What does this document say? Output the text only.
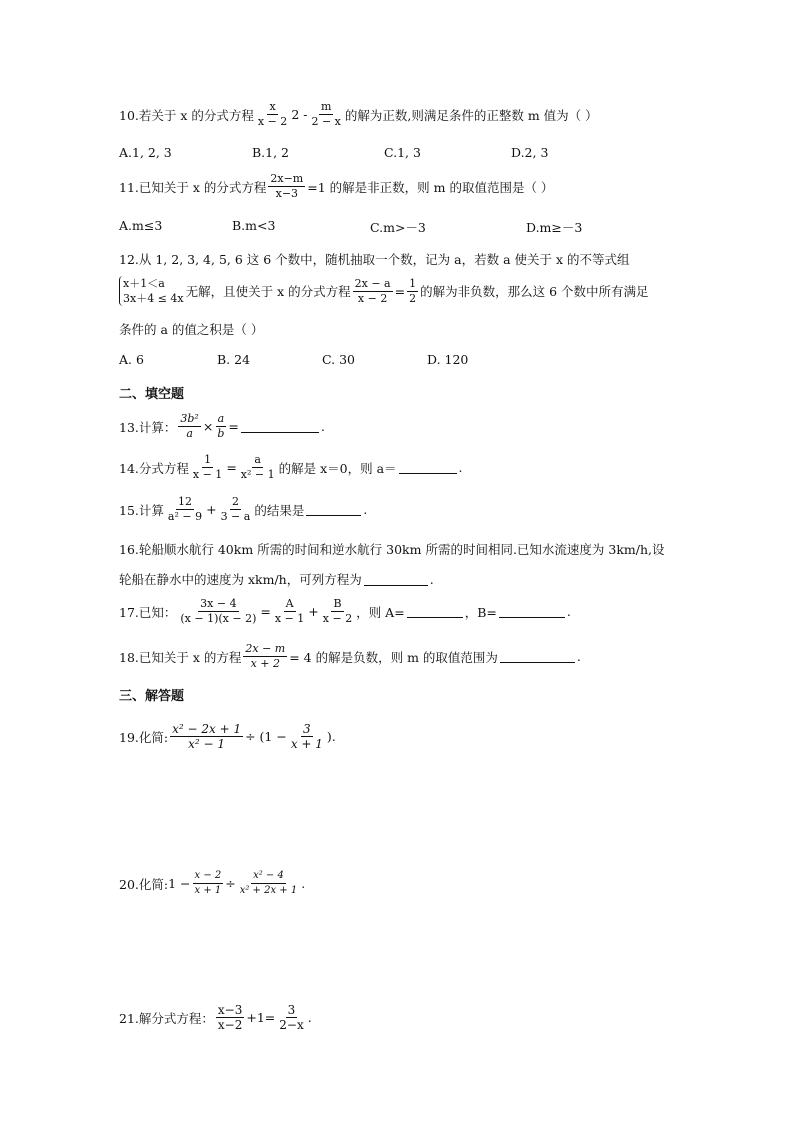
10.若关于 x 的分式方程 $\frac{x}{x - 2} 2 - \frac{m}{2 - x}$ 的解为正数,则满足条件的正整数 m 值为（ ）
A.1, 2, 3	B.1, 2	C.1, 3	D.2, 3
11.已知关于 x 的分式方程 $\frac{2x-m}{x-3} =1$ 的解是非正数，则 m 的取值范围是（ ）
A.m≤3	B.m<3	C.m>－3	D.m≥－3
12.从 1, 2, 3, 4, 5, 6 这 6 个数中，随机抽取一个数，记为 a，若数 a 使关于 x 的不等式组
x＋1＜a
3x＋4 ≤ 4x 无解，且使关于 x 的分式方程 $\frac{2x - a}{x - 2} = \frac{1}{2}$ 的解为非负数，那么这 6 个数中所有满足
条件的 a 的值之积是（ ）
A. 6	B. 24	C. 30	D. 120
二、填空题
13.计算： $\frac{\text{3b²}}{a} \times \frac{a}{b}$ =	.
14.分式方程 $\frac{1}{x - 1} = \frac{a}{\text{x² − 1}}$ 的解是 x＝0，则 a＝	.
15.计算 $\frac{12}{\text{a² − 9}} + \frac{2}{3 - a}$ 的结果是	.
16.轮船顺水航行 40km 所需的时间和逆水航行 30km 所需的时间相同.已知水流速度为 3km/h,设
轮船在静水中的速度为 xkm/h，可列方程为	.
17.已知： $\frac{3x - 4}{(x - 1)(x - 2)} = \frac{A}{x - 1} + \frac{B}{x - 2}$ ，则 A=	，B=	.
18.已知关于 x 的方程 $\frac{2x - m}{x + 2} = 4$ 的解是负数，则 m 的取值范围为	.
三、解答题
19.化简: $\frac{\text{x² − 2x + 1}}{\text{x² − 1}} \div (1 - \frac{3}{x + 1}$ ).
20.化简: $1 - \frac{x - 2}{x + 1} \div \frac{\text{x² − 4}}{\text{x² + 2x + 1}}$ .
21.解分式方程： $\frac{x-3}{x-2} +1= \frac{3}{2-x}$ .
